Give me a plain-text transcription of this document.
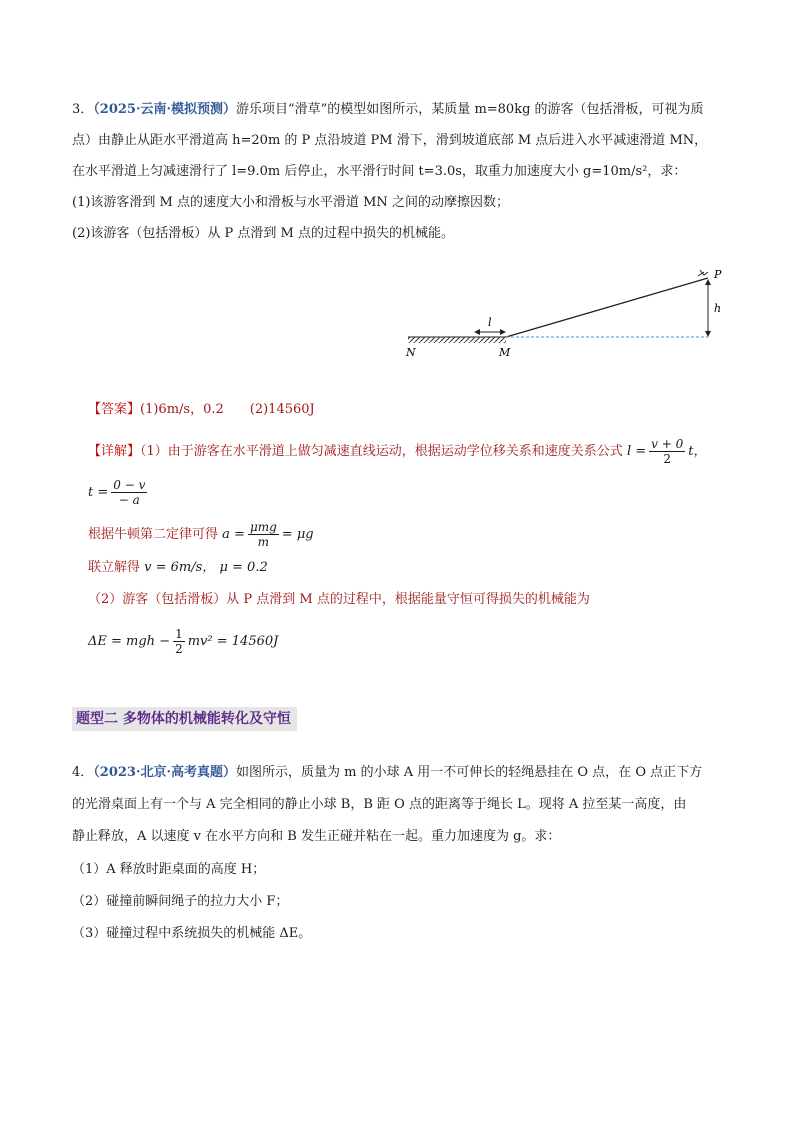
3．（2025·云南·模拟预测）游乐项目“滑草”的模型如图所示，某质量 m=80kg 的游客（包括滑板，可视为质
点）由静止从距水平滑道高 h=20m 的 P 点沿坡道 PM 滑下，滑到坡道底部 M 点后进入水平减速滑道 MN，
在水平滑道上匀减速滑行了 l=9.0m 后停止，水平滑行时间 t=3.0s，取重力加速度大小 g=10m/s²，求：
(1)该游客滑到 M 点的速度大小和滑板与水平滑道 MN 之间的动摩擦因数；
(2)该游客（包括滑板）从 P 点滑到 M 点的过程中损失的机械能。
P
h
l
N	M
【答案】(1)6m/s，0.2　　(2)14560J
【详解】（1）由于游客在水平滑道上做匀减速直线运动，根据运动学位移关系和速度关系公式 $l = \frac{v + 0}{2}$ t，
$t = \frac{0 - v}{- a}$
根据牛顿第二定律可得 $a = \frac{\text{μmg}}{m} = \mu g$
联立解得 v = 6m/s， μ = 0.2
（2）游客（包括滑板）从 P 点滑到 M 点的过程中，根据能量守恒可得损失的机械能为
ΔE = mgh − $\frac{1}{2} mv^2 = 14560J$
题型二 多物体的机械能转化及守恒
4．（2023·北京·高考真题）如图所示，质量为 m 的小球 A 用一不可伸长的轻绳悬挂在 O 点，在 O 点正下方
的光滑桌面上有一个与 A 完全相同的静止小球 B，B 距 O 点的距离等于绳长 L。现将 A 拉至某一高度，由
静止释放，A 以速度 v 在水平方向和 B 发生正碰并粘在一起。重力加速度为 g。求：
（1）A 释放时距桌面的高度 H；
（2）碰撞前瞬间绳子的拉力大小 F；
（3）碰撞过程中系统损失的机械能 ΔE。
